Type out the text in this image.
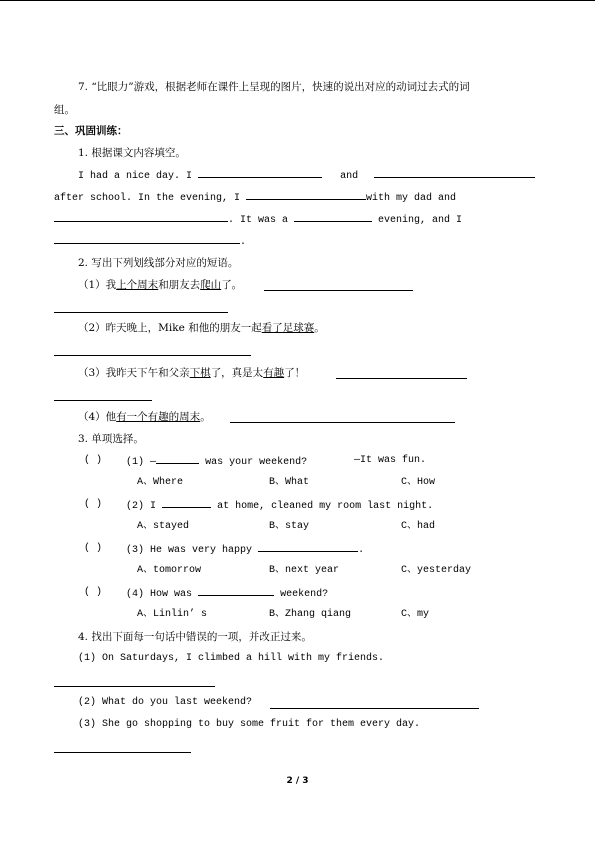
7. “比眼力”游戏，根据老师在课件上呈现的图片，快速的说出对应的动词过去式的词
组。
三、巩固训练：
1. 根据课文内容填空。
I had a nice day. I	and
after school. In the evening, I	with my dad and
. It was a	evening, and I
.
2. 写出下列划线部分对应的短语。
（1）我上个周末和朋友去爬山了。
（2）昨天晚上，Mike 和他的朋友一起看了足球赛。
（3）我昨天下午和父亲下棋了，真是太有趣了！
（4）他有一个有趣的周末。
3. 单项选择。
( ) (1) —	was your weekend?	—It was fun.
A、Where	B、What	C、How
( ) (2) I	at home, cleaned my room last night.
A、stayed	B、stay	C、had
( ) (3) He was very happy	.
A、tomorrow	B、next year	C、yesterday
( ) (4) How was	weekend?
A、Linlin’ s	B、Zhang qiang	C、my
4. 找出下面每一句话中错误的一项，并改正过来。
(1) On Saturdays, I climbed a hill with my friends.
(2) What do you last weekend?
(3) She go shopping to buy some fruit for them every day.
2 / 3
